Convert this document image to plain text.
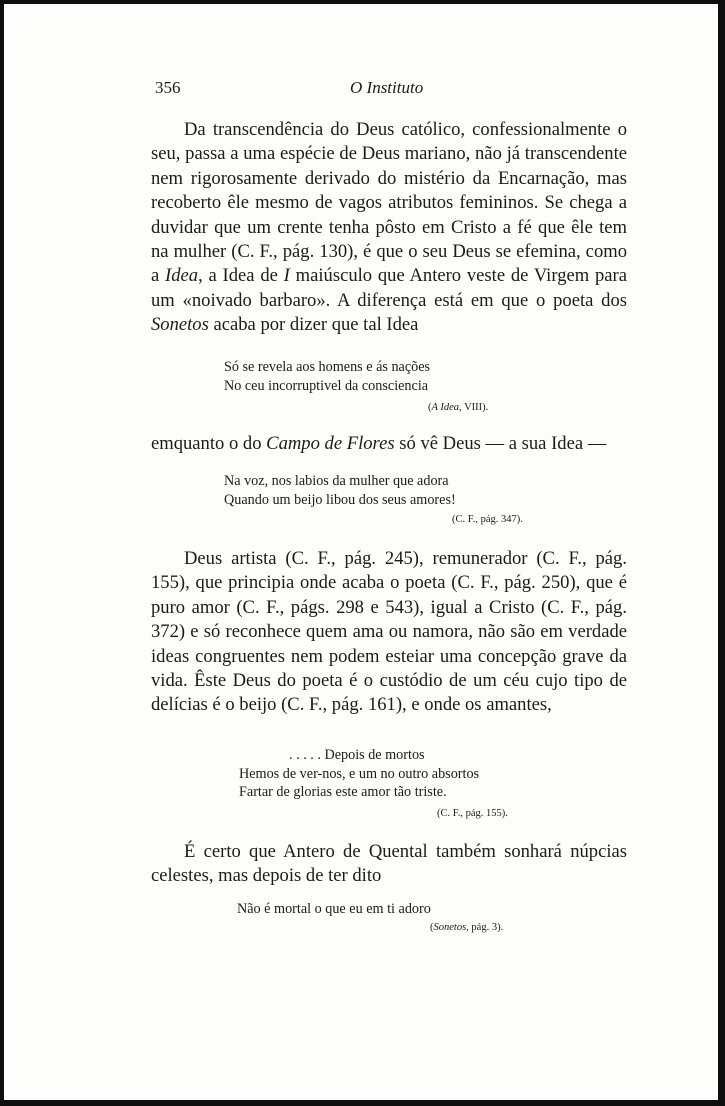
356	O Instituto

Da transcendência do Deus católico, confessionalmente o seu, passa a uma espécie de Deus mariano, não já transcendente nem rigorosamente derivado do mistério da Encarnação, mas recoberto êle mesmo de vagos atributos femininos. Se chega a duvidar que um crente tenha pôsto em Cristo a fé que êle tem na mulher (C. F., pág. 130), é que o seu Deus se efemina, como a Idea, a Idea de I maiúsculo que Antero veste de Virgem para um «noivado barbaro». A diferença está em que o poeta dos Sonetos acaba por dizer que tal Idea

Só se revela aos homens e ás nações
No ceu incorruptivel da consciencia
(A Idea, VIII).

emquanto o do Campo de Flores só vê Deus — a sua Idea —

Na voz, nos labios da mulher que adora
Quando um beijo libou dos seus amores!
(C. F., pág. 347).

Deus artista (C. F., pág. 245), remunerador (C. F., pág. 155), que principia onde acaba o poeta (C. F., pág. 250), que é puro amor (C. F., págs. 298 e 543), igual a Cristo (C. F., pág. 372) e só reconhece quem ama ou namora, não são em verdade ideas congruentes nem podem esteiar uma concepção grave da vida. Êste Deus do poeta é o custódio de um céu cujo tipo de delícias é o beijo (C. F., pág. 161), e onde os amantes,

. . . . . Depois de mortos
Hemos de ver-nos, e um no outro absortos
Fartar de glorias este amor tão triste.
(C. F., pág. 155).

É certo que Antero de Quental também sonhará núpcias celestes, mas depois de ter dito

Não é mortal o que eu em ti adoro
(Sonetos, pág. 3).
